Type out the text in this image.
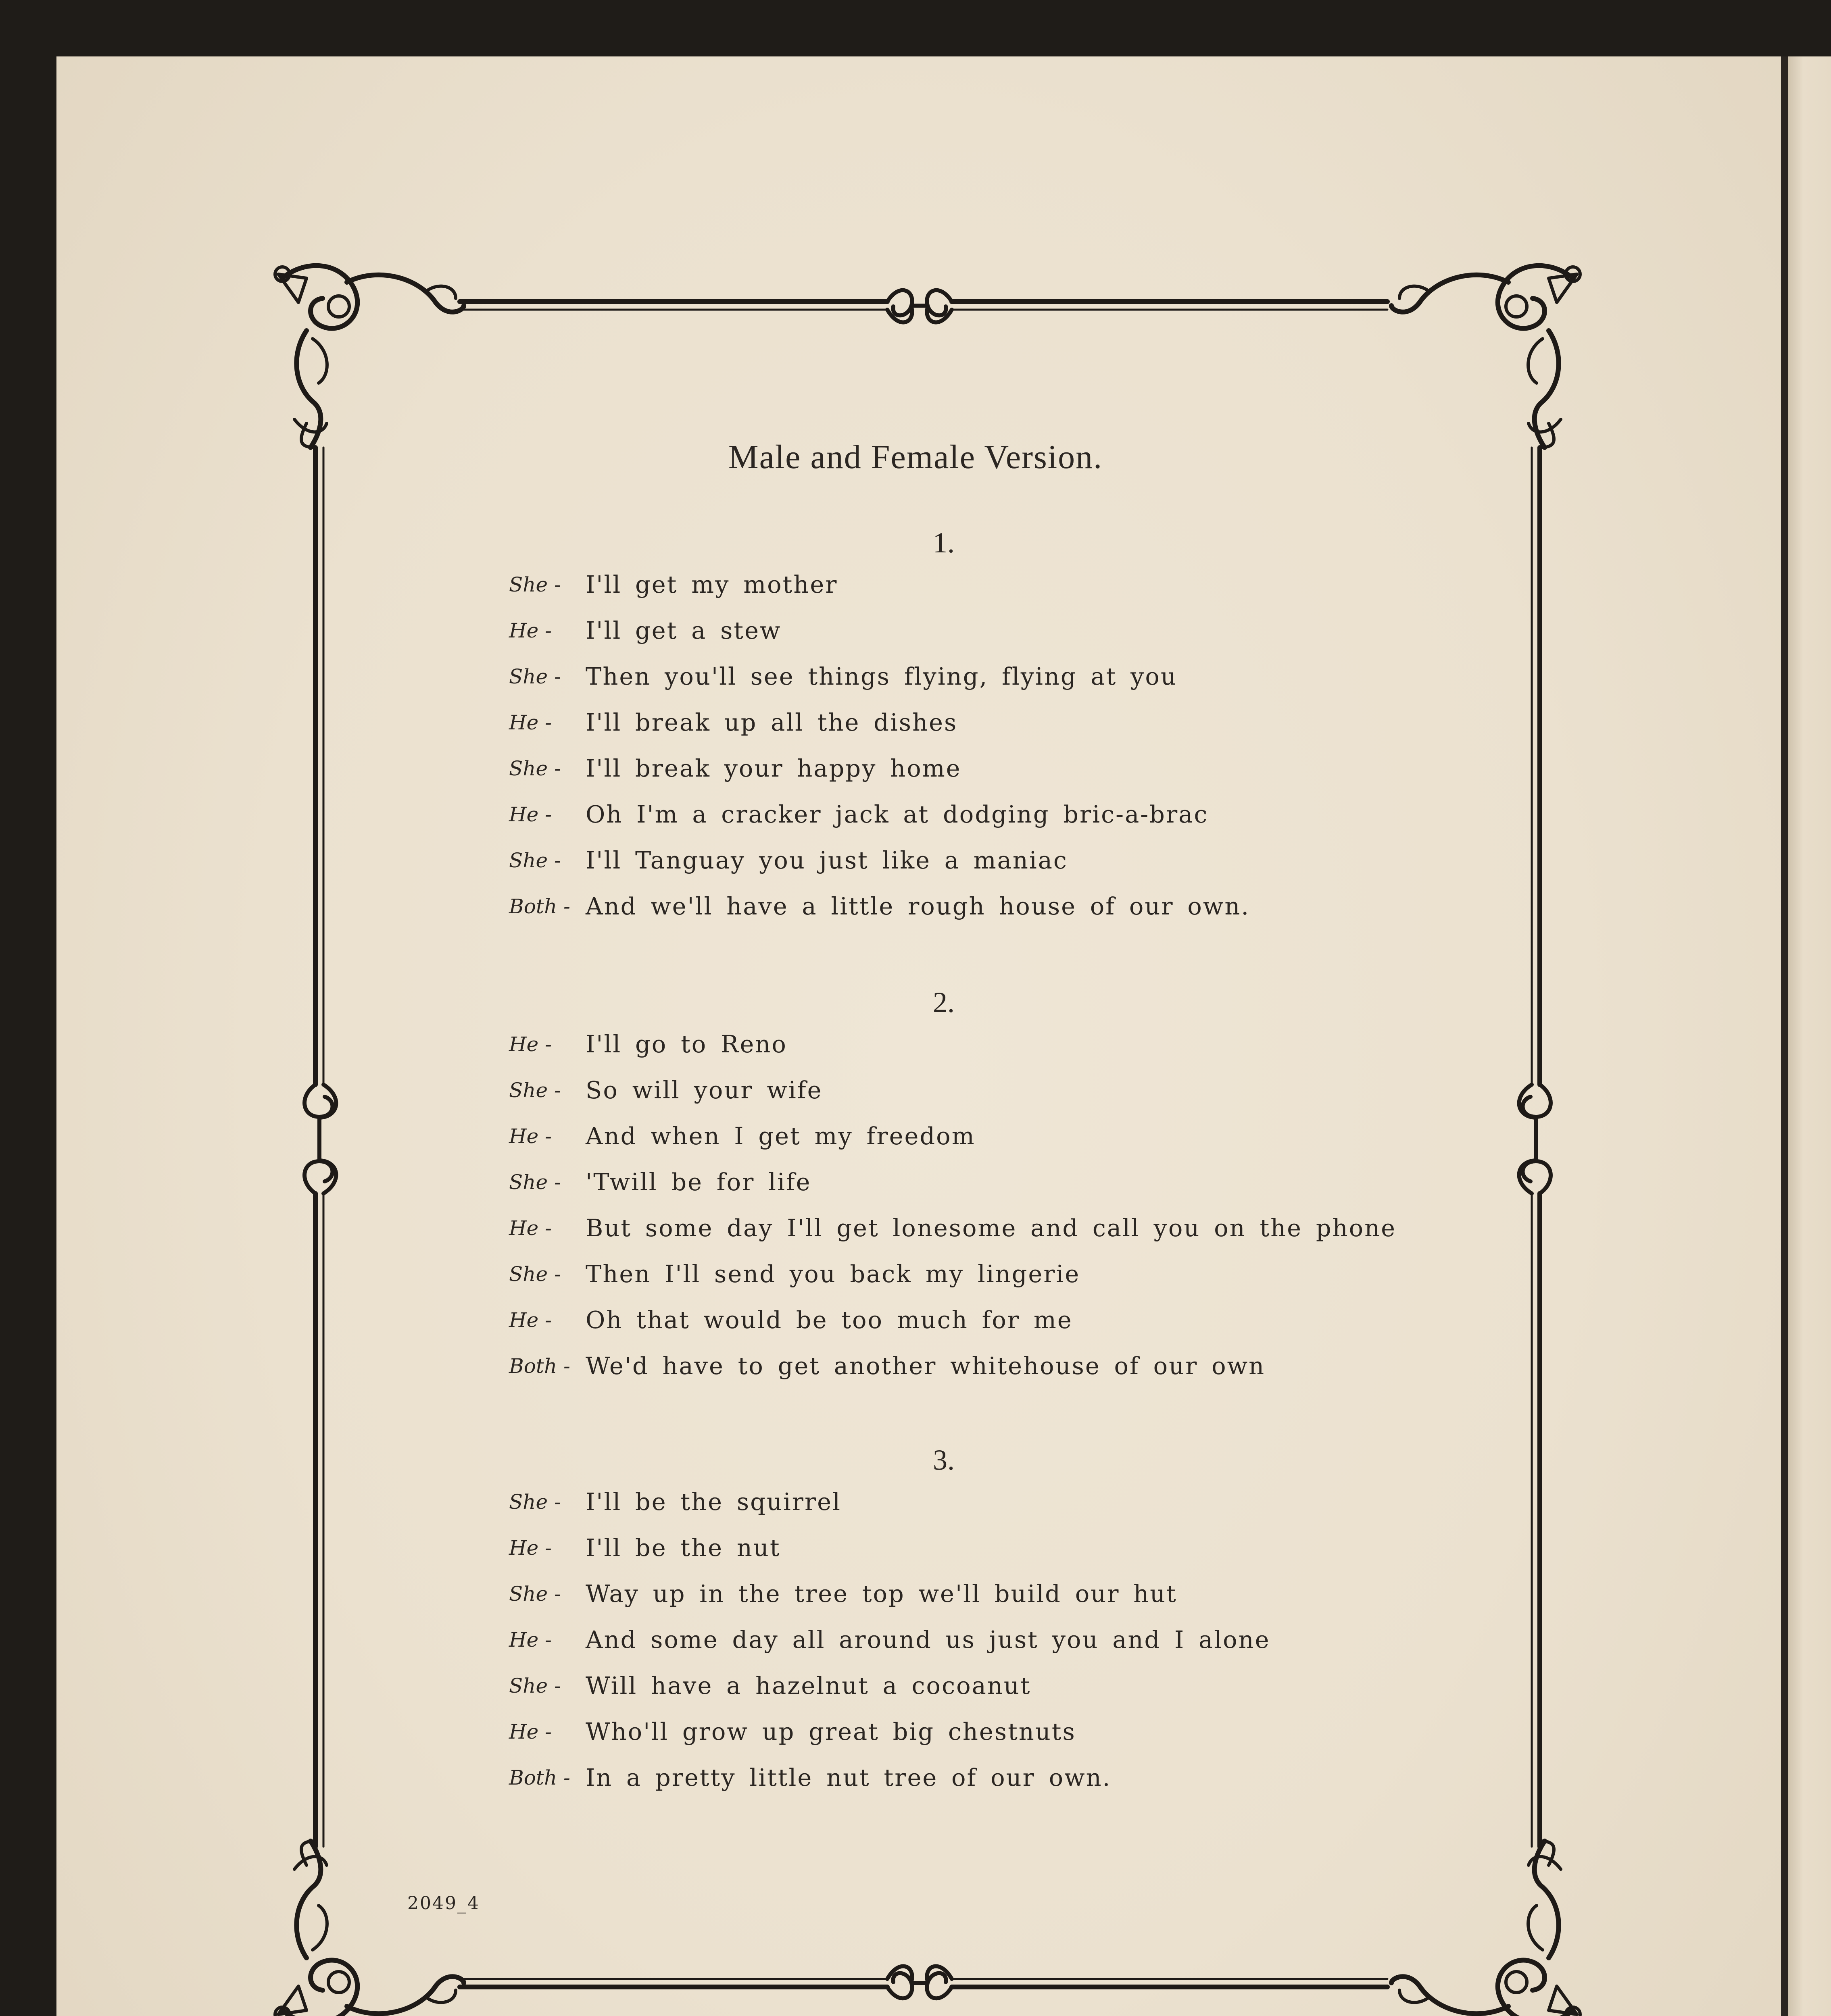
Male and Female Version.
1.
She -	I'll get my mother
He -	I'll get a stew
She -	Then you'll see things flying, flying at you
He -	I'll break up all the dishes
She -	I'll break your happy home
He -	Oh I'm a cracker jack at dodging bric-a-brac
She -	I'll Tanguay you just like a maniac
Both - And we'll have a little rough house of our own.
2.
He -	I'll go to Reno
She -	So will your wife
He -	And when I get my freedom
She -	'Twill be for life
He -	But some day I'll get lonesome and call you on the phone
She -	Then I'll send you back my lingerie
He -	Oh that would be too much for me
Both - We'd have to get another whitehouse of our own
3.
She -	I'll be the squirrel
He -	I'll be the nut
She -	Way up in the tree top we'll build our hut
He -	And some day all around us just you and I alone
She -	Will have a hazelnut a cocoanut
He -	Who'll grow up great big chestnuts
Both - In a pretty little nut tree of our own.
2049_4
